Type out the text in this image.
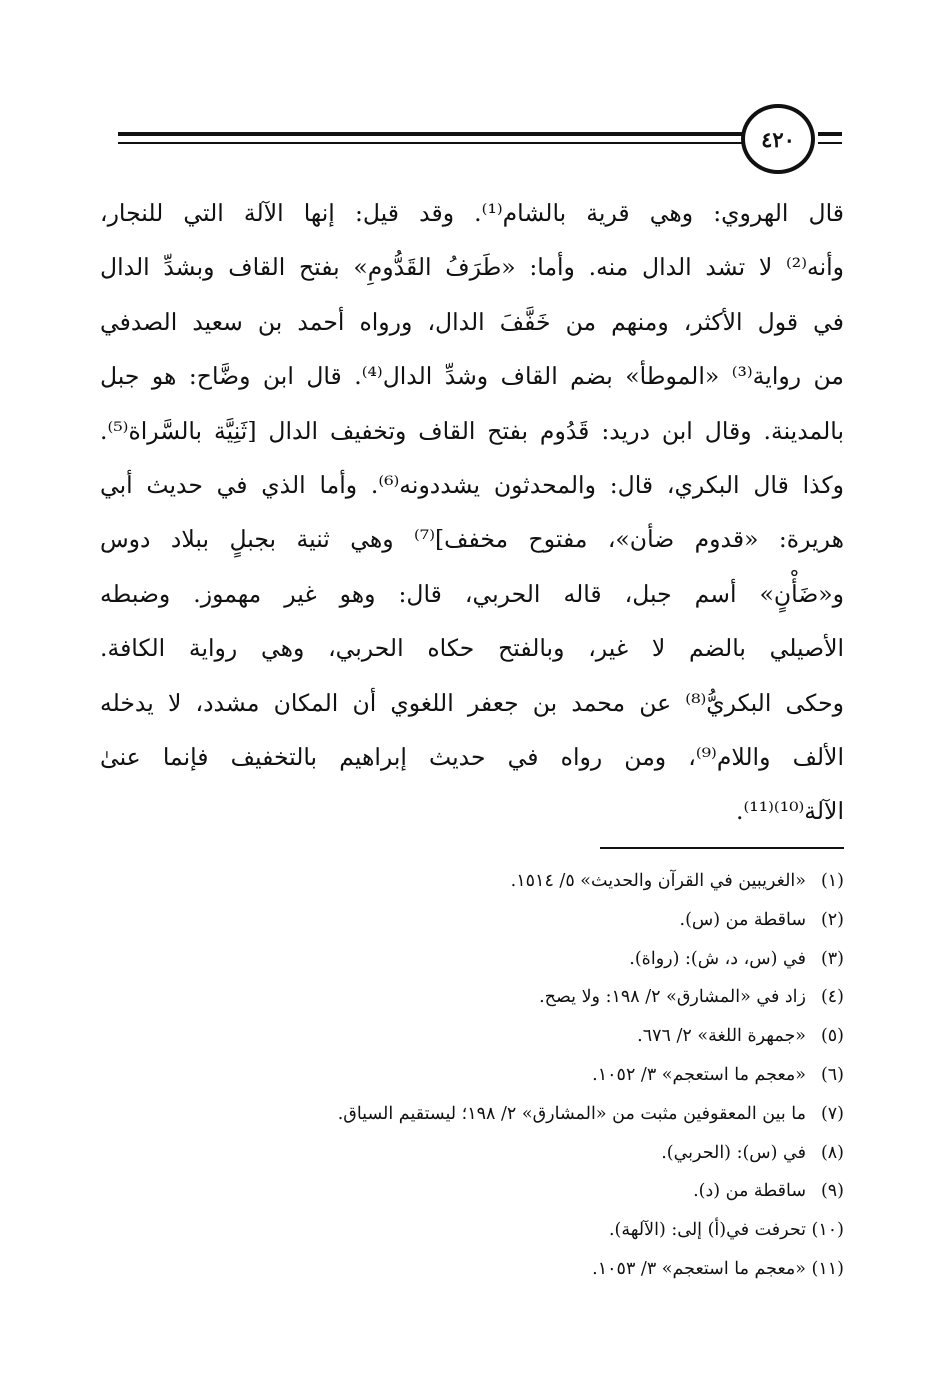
٤٢٠
قال الهروي: وهي قرية بالشام⁽¹⁾. وقد قيل: إنها الآلة التي للنجار،
وأنه⁽²⁾ لا تشد الدال منه. وأما: «طَرَفُ القَدُّومِ» بفتح القاف وبشدِّ الدال
في قول الأكثر، ومنهم من خَفَّفَ الدال، ورواه أحمد بن سعيد الصدفي
من رواية⁽³⁾ «الموطأ» بضم القاف وشدِّ الدال⁽⁴⁾. قال ابن وضَّاح: هو جبل
بالمدينة. وقال ابن دريد: قَدُوم بفتح القاف وتخفيف الدال [ثَنِيَّة بالسَّراة⁽⁵⁾.
وكذا قال البكري، قال: والمحدثون يشددونه⁽⁶⁾. وأما الذي في حديث أبي
هريرة: «قدوم ضأن»، مفتوح مخفف]⁽⁷⁾ وهي ثنية بجبلٍ ببلاد دوس
و«ضَأْنٍ» أسم جبل، قاله الحربي، قال: وهو غير مهموز. وضبطه
الأصيلي بالضم لا غير، وبالفتح حكاه الحربي، وهي رواية الكافة.
وحكى البكريُّ⁽⁸⁾ عن محمد بن جعفر اللغوي أن المكان مشدد، لا يدخله
الألف واللام⁽⁹⁾، ومن رواه في حديث إبراهيم بالتخفيف فإنما عنىٰ
الآلة⁽¹⁰⁾⁽¹¹⁾.
(١)
«الغريبين في القرآن والحديث» ٥/ ١٥١٤.
(٢)
ساقطة من (س).
(٣)
في (س، د، ش): (رواة).
(٤)
زاد في «المشارق» ٢/ ١٩٨: ولا يصح.
(٥)
«جمهرة اللغة» ٢/ ٦٧٦.
(٦)
«معجم ما استعجم» ٣/ ١٠٥٢.
(٧)
ما بين المعقوفين مثبت من «المشارق» ٢/ ١٩٨؛ ليستقيم السياق.
(٨)
في (س): (الحربي).
(٩)
ساقطة من (د).
(١٠)
تحرفت في(أ) إلى: (الآلهة).
(١١)
«معجم ما استعجم» ٣/ ١٠٥٣.
